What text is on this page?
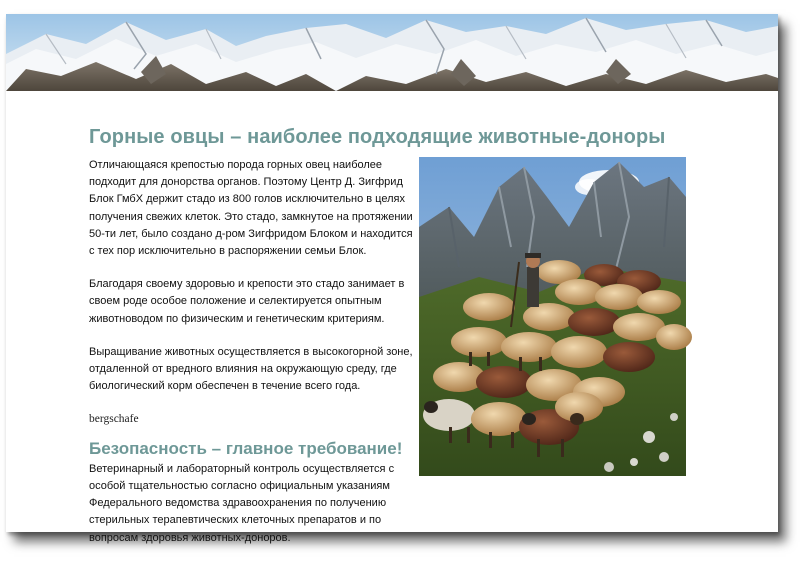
Горные овцы – наиболее подходящие животные-доноры

Отличающаяся крепостью порода горных овец наиболее подходит для донорства органов. Поэтому Центр Д. Зигфрид Блок ГмбХ держит стадо из 800 голов исключительно в целях получения свежих клеток. Это стадо, замкнутое на протяжении 50-ти лет, было создано д-ром Зигфридом Блоком и находится с тех пор исключительно в распоряжении семьи Блок.

Благодаря своему здоровью и крепости это стадо занимает в своем роде особое положение и селектируется опытным животноводом по физическим и генетическим критериям.

Выращивание животных осуществляется в высокогорной зоне, отдаленной от вредного влияния на окружающую среду, где биологический корм обеспечен в течение всего года.

bergschafe

Безопасность – главное требование!

Ветеринарный и лабораторный контроль осуществляется с особой тщательностью согласно официальным указаниям Федерального ведомства здравоохранения по получению стерильных терапевтических клеточных препаратов и по вопросам здоровья животных-доноров.
